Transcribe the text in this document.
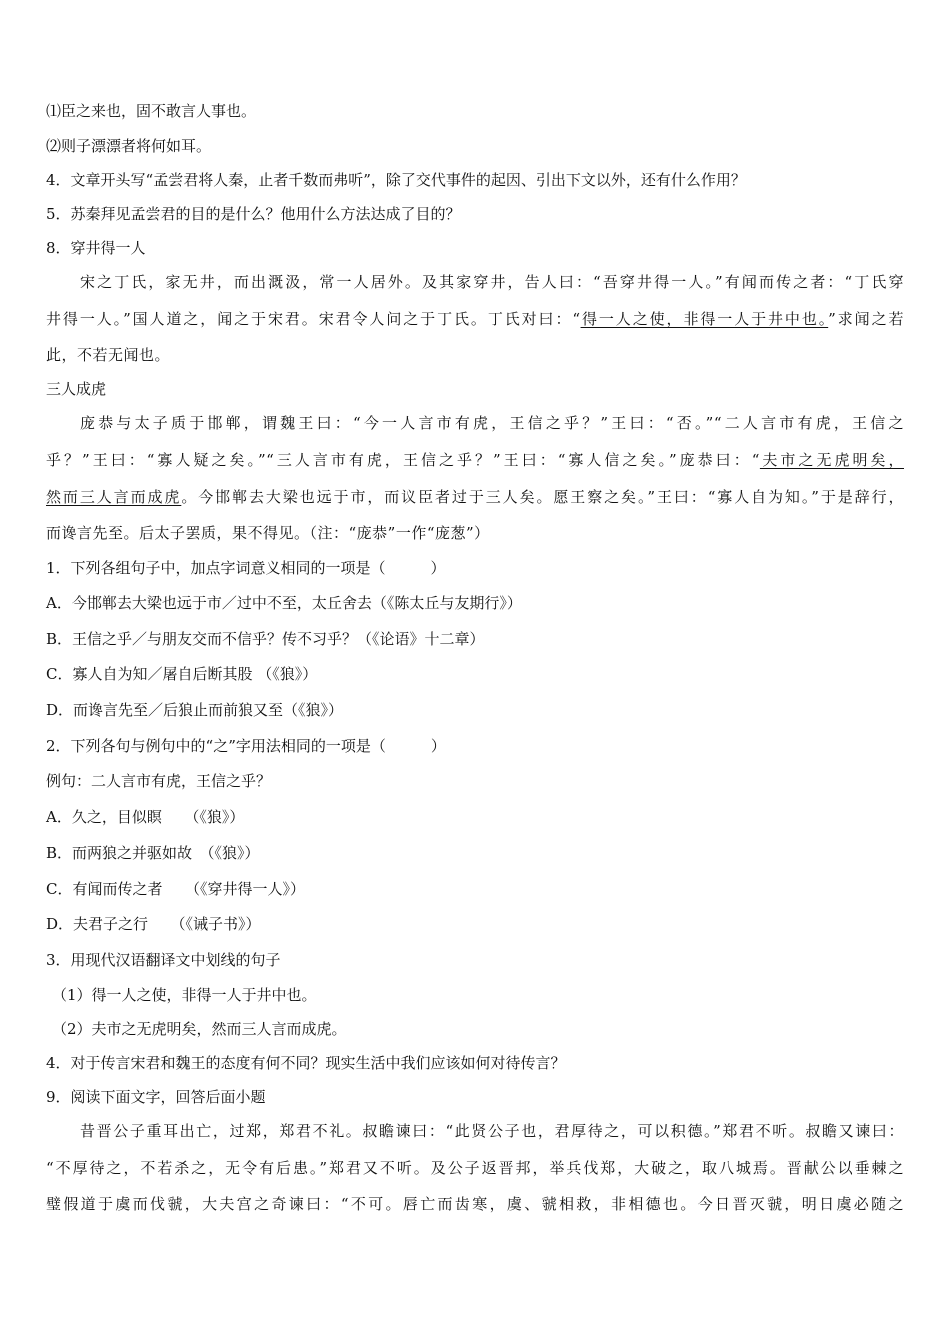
⑴臣之来也，固不敢言人事也。
⑵则子漂漂者将何如耳。
4．文章开头写“孟尝君将人秦，止者千数而弗听”，除了交代事件的起因、引出下文以外，还有什么作用？
5．苏秦拜见孟尝君的目的是什么？他用什么方法达成了目的？
8．穿井得一人
宋之丁氏，家无井，而出溉汲，常一人居外。及其家穿井，告人曰：“吾穿井得一人。”有闻而传之者：“丁氏穿
井得一人。”国人道之，闻之于宋君。宋君令人问之于丁氏。丁氏对曰：“得一人之使，非得一人于井中也。”求闻之若
此，不若无闻也。
三人成虎
庞恭与太子质于邯郸，谓魏王曰：“今一人言市有虎，王信之乎？”王曰：“否。”“二人言市有虎，王信之
乎？”王曰：“寡人疑之矣。”“三人言市有虎，王信之乎？”王曰：“寡人信之矣。”庞恭曰：“夫市之无虎明矣，
然而三人言而成虎。今邯郸去大梁也远于市，而议臣者过于三人矣。愿王察之矣。”王曰：“寡人自为知。”于是辞行，
而谗言先至。后太子罢质，果不得见。（注：“庞恭”一作“庞葱”）
1．下列各组句子中，加点字词意义相同的一项是（　　　）
A．今邯郸去大梁也远于市／过中不至，太丘舍去（《陈太丘与友期行》）
B．王信之乎／与朋友交而不信乎？传不习乎？（《论语》十二章）
C．寡人自为知／屠自后断其股 （《狼》）
D．而谗言先至／后狼止而前狼又至（《狼》）
2．下列各句与例句中的“之”字用法相同的一项是（　　　）
例句：二人言市有虎，王信之乎？
A．久之，目似瞑　　（《狼》）
B．而两狼之并驱如故　（《狼》）
C．有闻而传之者　　（《穿井得一人》）
D．夫君子之行　　（《诫子书》）
3．用现代汉语翻译文中划线的句子
（1）得一人之使，非得一人于井中也。
（2）夫市之无虎明矣，然而三人言而成虎。
4．对于传言宋君和魏王的态度有何不同？现实生活中我们应该如何对待传言？
9．阅读下面文字，回答后面小题
昔晋公子重耳出亡，过郑，郑君不礼。叔瞻谏曰：“此贤公子也，君厚待之，可以积德。”郑君不听。叔瞻又谏曰：
“不厚待之，不若杀之，无令有后患。”郑君又不听。及公子返晋邦，举兵伐郑，大破之，取八城焉。晋献公以垂棘之
璧假道于虞而伐虢，大夫宫之奇谏曰：“不可。唇亡而齿寒，虞、虢相救，非相德也。今日晋灭虢，明日虞必随之
